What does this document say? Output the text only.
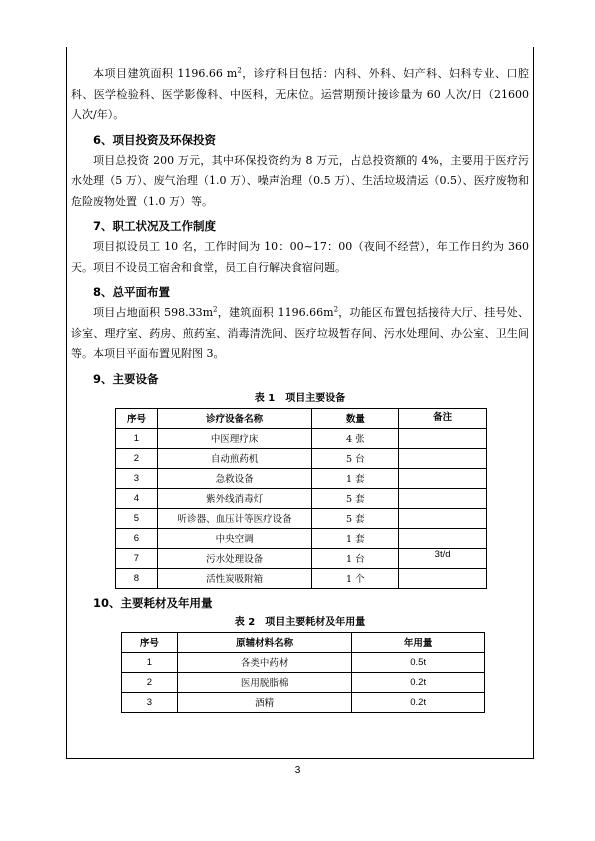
本项目建筑面积 1196.66 $m^2$，诊疗科目包括：内科、外科、妇产科、妇科专业、口腔科、医学检验科、医学影像科、中医科，无床位。运营期预计接诊量为 60 人次/日（21600 人次/年）。

6、项目投资及环保投资

项目总投资 200 万元，其中环保投资约为 8 万元，占总投资额的 4%，主要用于医疗污水处理（5 万）、废气治理（1.0 万）、噪声治理（0.5 万）、生活垃圾清运（0.5）、医疗废物和危险废物处置（1.0 万）等。

7、职工状况及工作制度

项目拟设员工 10 名，工作时间为 10：00~17：00（夜间不经营），年工作日约为 360 天。项目不设员工宿舍和食堂，员工自行解决食宿问题。

8、总平面布置

项目占地面积 $598.33m^2$，建筑面积 $1196.66m^2$，功能区布置包括接待大厅、挂号处、诊室、理疗室、药房、煎药室、消毒清洗间、医疗垃圾暂存间、污水处理间、办公室、卫生间等。本项目平面布置见附图 3。

9、主要设备
表 1　项目主要设备
序号	诊疗设备名称	数量	备注
1	中医理疗床	4 张	
2	自动煎药机	5 台	
3	急救设备	1 套	
4	紫外线消毒灯	5 套	
5	听诊器、血压计等医疗设备	5 套	
6	中央空调	1 套	
7	污水处理设备	1 台	3t/d
8	活性炭吸附箱	1 个	
10、主要耗材及年用量
表 2　项目主要耗材及年用量
序号	原辅材料名称	年用量
1	各类中药材	0.5t
2	医用脱脂棉	0.2t
3	酒精	0.2t
3
